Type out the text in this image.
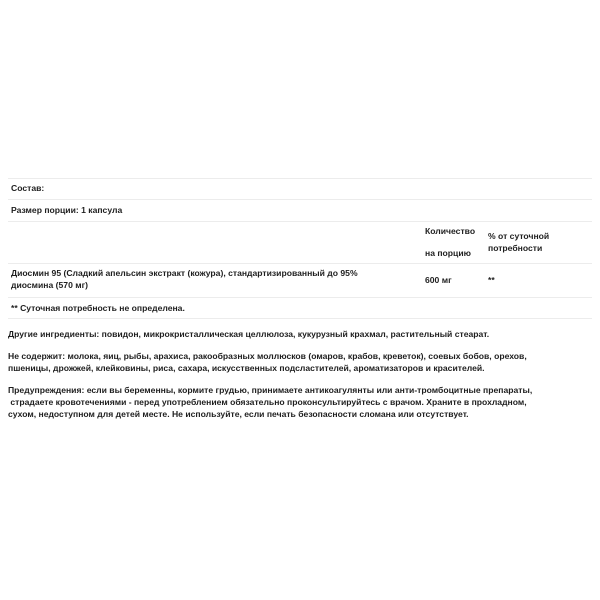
Состав:
Размер порции: 1 капсула
Количество
на порцию
% от суточной
потребности
Диосмин 95 (Сладкий апельсин экстракт (кожура), стандартизированный до 95%
диосмина (570 мг)	600 мг	**
** Суточная потребность не определена.
Другие ингредиенты: повидон, микрокристаллическая целлюлоза, кукурузный крахмал, растительный стеарат.
Не содержит: молока, яиц, рыбы, арахиса, ракообразных моллюсков (омаров, крабов, креветок), соевых бобов, орехов,
пшеницы, дрожжей, клейковины, риса, сахара, искусственных подсластителей, ароматизаторов и красителей.
Предупреждения: если вы беременны, кормите грудью, принимаете антикоагулянты или анти-тромбоцитные препараты,
страдаете кровотечениями - перед употреблением обязательно проконсультируйтесь с врачом. Храните в прохладном,
сухом, недоступном для детей месте. Не используйте, если печать безопасности сломана или отсутствует.
